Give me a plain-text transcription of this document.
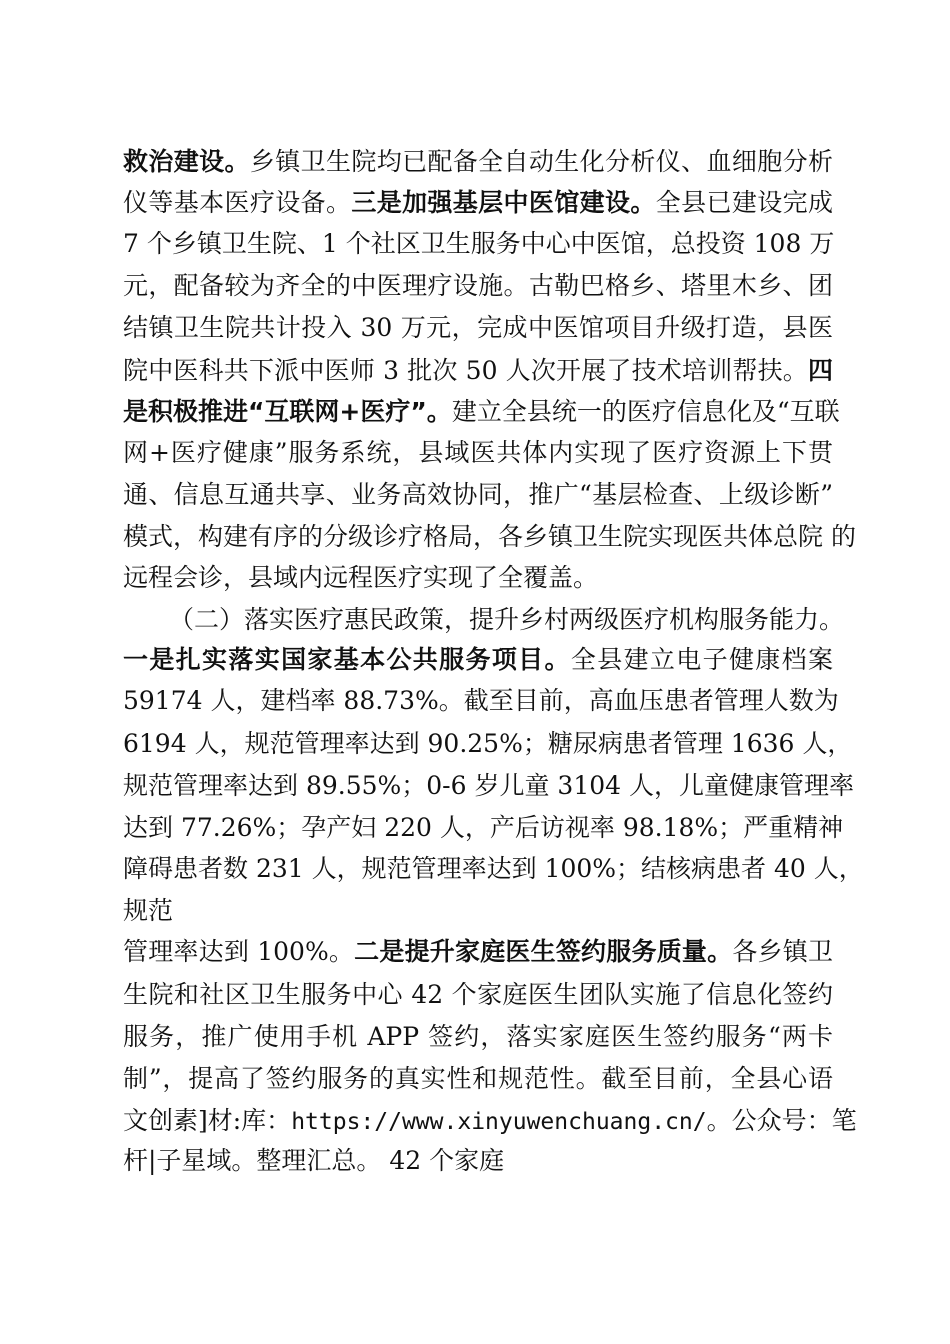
救治建设。乡镇卫生院均已配备全自动生化分析仪、血细胞分析
仪等基本医疗设备。三是加强基层中医馆建设。全县已建设完成
7 个乡镇卫生院、1 个社区卫生服务中心中医馆，总投资 108 万
元，配备较为齐全的中医理疗设施。古勒巴格乡、塔里木乡、团
结镇卫生院共计投入 30 万元，完成中医馆项目升级打造，县医
院中医科共下派中医师 3 批次 50 人次开展了技术培训帮扶。四
是积极推进“互联网+医疗”。建立全县统一的医疗信息化及“互联
网+医疗健康”服务系统，县域医共体内实现了医疗资源上下贯
通、信息互通共享、业务高效协同，推广“基层检查、上级诊断”
模式，构建有序的分级诊疗格局，各乡镇卫生院实现医共体总院 的
远程会诊，县域内远程医疗实现了全覆盖。
（二）落实医疗惠民政策，提升乡村两级医疗机构服务能力。
一是扎实落实国家基本公共服务项目。全县建立电子健康档案
59174 人，建档率 88.73%。截至目前，高血压患者管理人数为
6194 人，规范管理率达到 90.25%；糖尿病患者管理 1636 人，
规范管理率达到 89.55%；0-6 岁儿童 3104 人，儿童健康管理率
达到 77.26%；孕产妇 220 人，产后访视率 98.18%；严重精神
障碍患者数 231 人，规范管理率达到 100%；结核病患者 40 人，
规范
管理率达到 100%。二是提升家庭医生签约服务质量。各乡镇卫
生院和社区卫生服务中心 42 个家庭医生团队实施了信息化签约
服务，推广使用手机 APP 签约，落实家庭医生签约服务“两卡
制”，提高了签约服务的真实性和规范性。截至目前，全县心语
文创素]材:库：https://www.xinyuwenchuang.cn/。公众号：笔
杆|子星域。整理汇总。 42 个家庭
